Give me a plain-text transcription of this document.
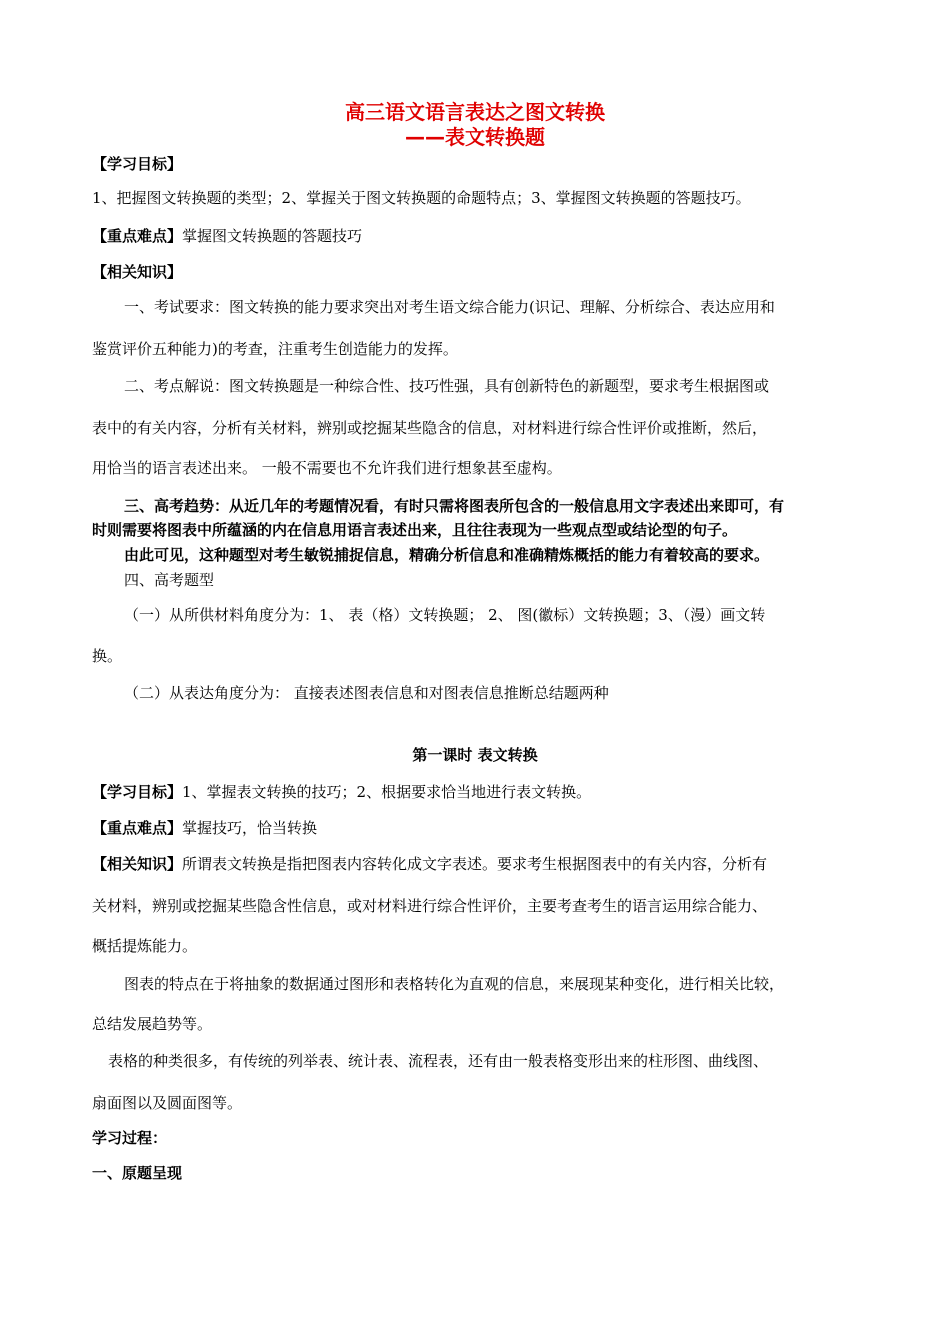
高三语文语言表达之图文转换
——表文转换题
【学习目标】
1、把握图文转换题的类型；2、掌握关于图文转换题的命题特点；3、掌握图文转换题的答题技巧。
【重点难点】掌握图文转换题的答题技巧
【相关知识】
一、考试要求：图文转换的能力要求突出对考生语文综合能力(识记、理解、分析综合、表达应用和
鉴赏评价五种能力)的考查，注重考生创造能力的发挥。
二、考点解说：图文转换题是一种综合性、技巧性强，具有创新特色的新题型，要求考生根据图或
表中的有关内容，分析有关材料，辨别或挖掘某些隐含的信息，对材料进行综合性评价或推断，然后，
用恰当的语言表述出来。 一般不需要也不允许我们进行想象甚至虚构。
三、高考趋势：从近几年的考题情况看，有时只需将图表所包含的一般信息用文字表述出来即可，有
时则需要将图表中所蕴涵的内在信息用语言表述出来，且往往表现为一些观点型或结论型的句子。
由此可见，这种题型对考生敏锐捕捉信息，精确分析信息和准确精炼概括的能力有着较高的要求。
四、高考题型
（一）从所供材料角度分为：1、 表（格）文转换题； 2、 图(徽标）文转换题；3、（漫）画文转
换。
（二）从表达角度分为： 直接表述图表信息和对图表信息推断总结题两种
第一课时 表文转换
【学习目标】1、掌握表文转换的技巧；2、根据要求恰当地进行表文转换。
【重点难点】掌握技巧，恰当转换
【相关知识】所谓表文转换是指把图表内容转化成文字表述。要求考生根据图表中的有关内容，分析有
关材料，辨别或挖掘某些隐含性信息，或对材料进行综合性评价，主要考查考生的语言运用综合能力、
概括提炼能力。
图表的特点在于将抽象的数据通过图形和表格转化为直观的信息，来展现某种变化，进行相关比较，
总结发展趋势等。
表格的种类很多，有传统的列举表、统计表、流程表，还有由一般表格变形出来的柱形图、曲线图、
扇面图以及圆面图等。
学习过程：
一、原题呈现
